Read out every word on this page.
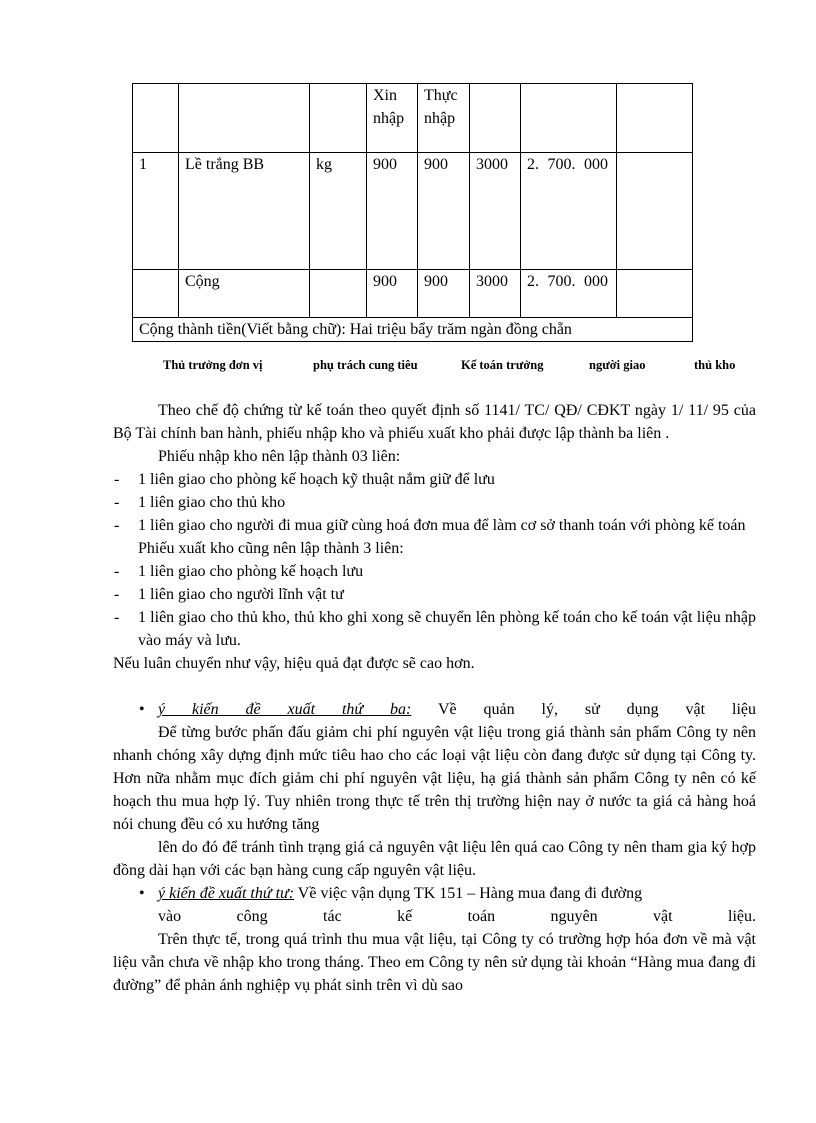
			Xin nhập	Thực nhập			
1	Lề trắng BB	kg	900	900	3000	2. 700. 000	
	Cộng		900	900	3000	2. 700. 000	
Cộng thành tiền(Viết bằng chữ): Hai triệu bẩy trăm ngàn đồng chẵn							
Thủ trưởng đơn vị	phụ trách cung tiêu	Kế toán trưởng	người giao	thủ kho

Theo chế độ chứng từ kế toán theo quyết định số 1141/ TC/ QĐ/ CĐKT ngày 1/ 11/ 95 của Bộ Tài chính ban hành, phiếu nhập kho và phiếu xuất kho phải được lập thành ba liên .

Phiếu nhập kho nên lập thành 03 liên:

- 1 liên giao cho phòng kế hoạch kỹ thuật nắm giữ để lưu

- 1 liên giao cho thủ kho

- 1 liên giao cho người đi mua giữ cùng hoá đơn mua để làm cơ sở thanh toán với phòng kế toán

Phiếu xuất kho cũng nên lập thành 3 liên:

- 1 liên giao cho phòng kế hoạch lưu

- 1 liên giao cho người lĩnh vật tư

- 1 liên giao cho thủ kho, thủ kho ghi xong sẽ chuyển lên phòng kế toán cho kế toán vật liệu nhập vào máy và lưu.

Nếu luân chuyển như vậy, hiệu quả đạt được sẽ cao hơn.

• ý kiến đề xuất thứ ba: Về quản lý, sử dụng vật liệu

Để từng bước phấn đấu giảm chi phí nguyên vật liệu trong giá thành sản phẩm Công ty nên nhanh chóng xây dựng định mức tiêu hao cho các loại vật liệu còn đang được sử dụng tại Công ty. Hơn nữa nhằm mục đích giảm chi phí nguyên vật liệu, hạ giá thành sản phẩm Công ty nên có kế hoạch thu mua hợp lý. Tuy nhiên trong thực tế trên thị trường hiện nay ở nước ta giá cả hàng hoá nói chung đều có xu hướng tăng

lên do đó để tránh tình trạng giá cả nguyên vật liệu lên quá cao Công ty nên tham gia ký hợp đồng dài hạn với các bạn hàng cung cấp nguyên vật liệu.

• ý kiến đề xuất thứ tư: Về việc vận dụng TK 151 – Hàng mua đang đi đường

vào công tác kế toán nguyên vật liệu.

Trên thực tế, trong quá trình thu mua vật liệu, tại Công ty có trường hợp hóa đơn về mà vật liệu vẫn chưa về nhập kho trong tháng. Theo em Công ty nên sử dụng tài khoản “Hàng mua đang đi đường” để phản ánh nghiệp vụ phát sinh trên vì dù sao
